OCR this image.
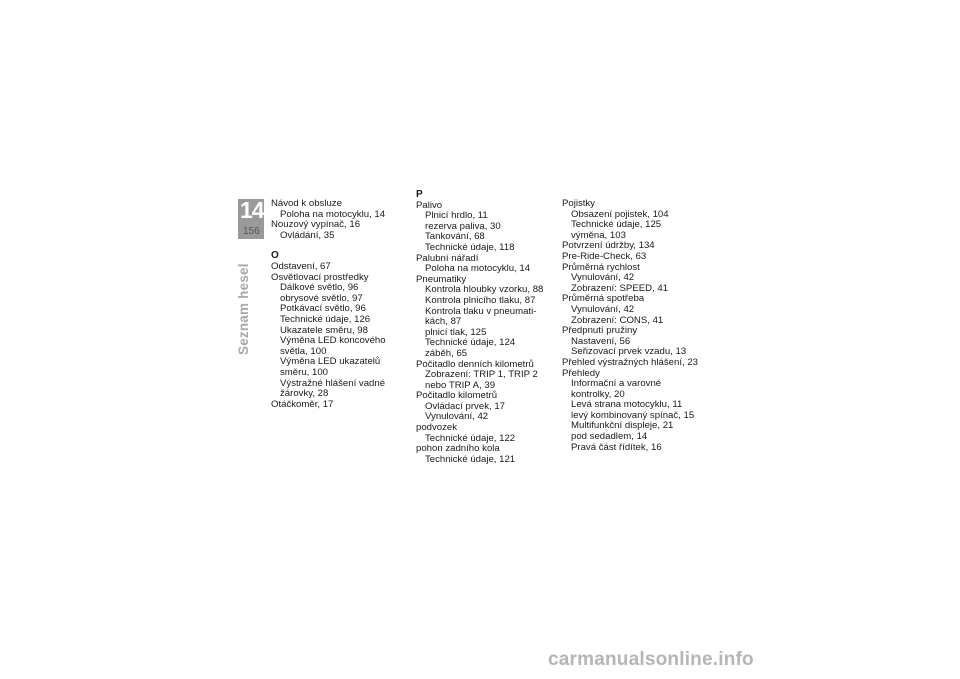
14
156
Seznam hesel
Návod k obsluze
Poloha na motocyklu, 14
Nouzový vypínač, 16
Ovládání, 35
O
Odstavení, 67
Osvětlovací prostředky
Dálkové světlo, 96
obrysové světlo, 97
Potkávací světlo, 96
Technické údaje, 126
Ukazatele směru, 98
Výměna LED koncového
světla, 100
Výměna LED ukazatelů
směru, 100
Výstražné hlášení vadné
žárovky, 28
Otáčkoměr, 17
P
Palivo
Plnicí hrdlo, 11
rezerva paliva, 30
Tankování, 68
Technické údaje, 118
Palubní nářadí
Poloha na motocyklu, 14
Pneumatiky
Kontrola hloubky vzorku, 88
Kontrola plnicího tlaku, 87
Kontrola tlaku v pneumati-
kách, 87
plnicí tlak, 125
Technické údaje, 124
záběh, 65
Počitadlo denních kilometrů
Zobrazení: TRIP 1, TRIP 2
nebo TRIP A, 39
Počitadlo kilometrů
Ovládací prvek, 17
Vynulování, 42
podvozek
Technické údaje, 122
pohon zadního kola
Technické údaje, 121
Pojistky
Obsazení pojistek, 104
Technické údaje, 125
výměna, 103
Potvrzení údržby, 134
Pre-Ride-Check, 63
Průměrná rychlost
Vynulování, 42
Zobrazení: SPEED, 41
Průměrná spotřeba
Vynulování, 42
Zobrazení: CONS, 41
Předpnutí pružiny
Nastavení, 56
Seřizovací prvek vzadu, 13
Přehled výstražných hlášení, 23
Přehledy
Informační a varovné
kontrolky, 20
Levá strana motocyklu, 11
levý kombinovaný spínač, 15
Multifunkční displeje, 21
pod sedadlem, 14
Pravá část řídítek, 16
carmanualsonline.info
